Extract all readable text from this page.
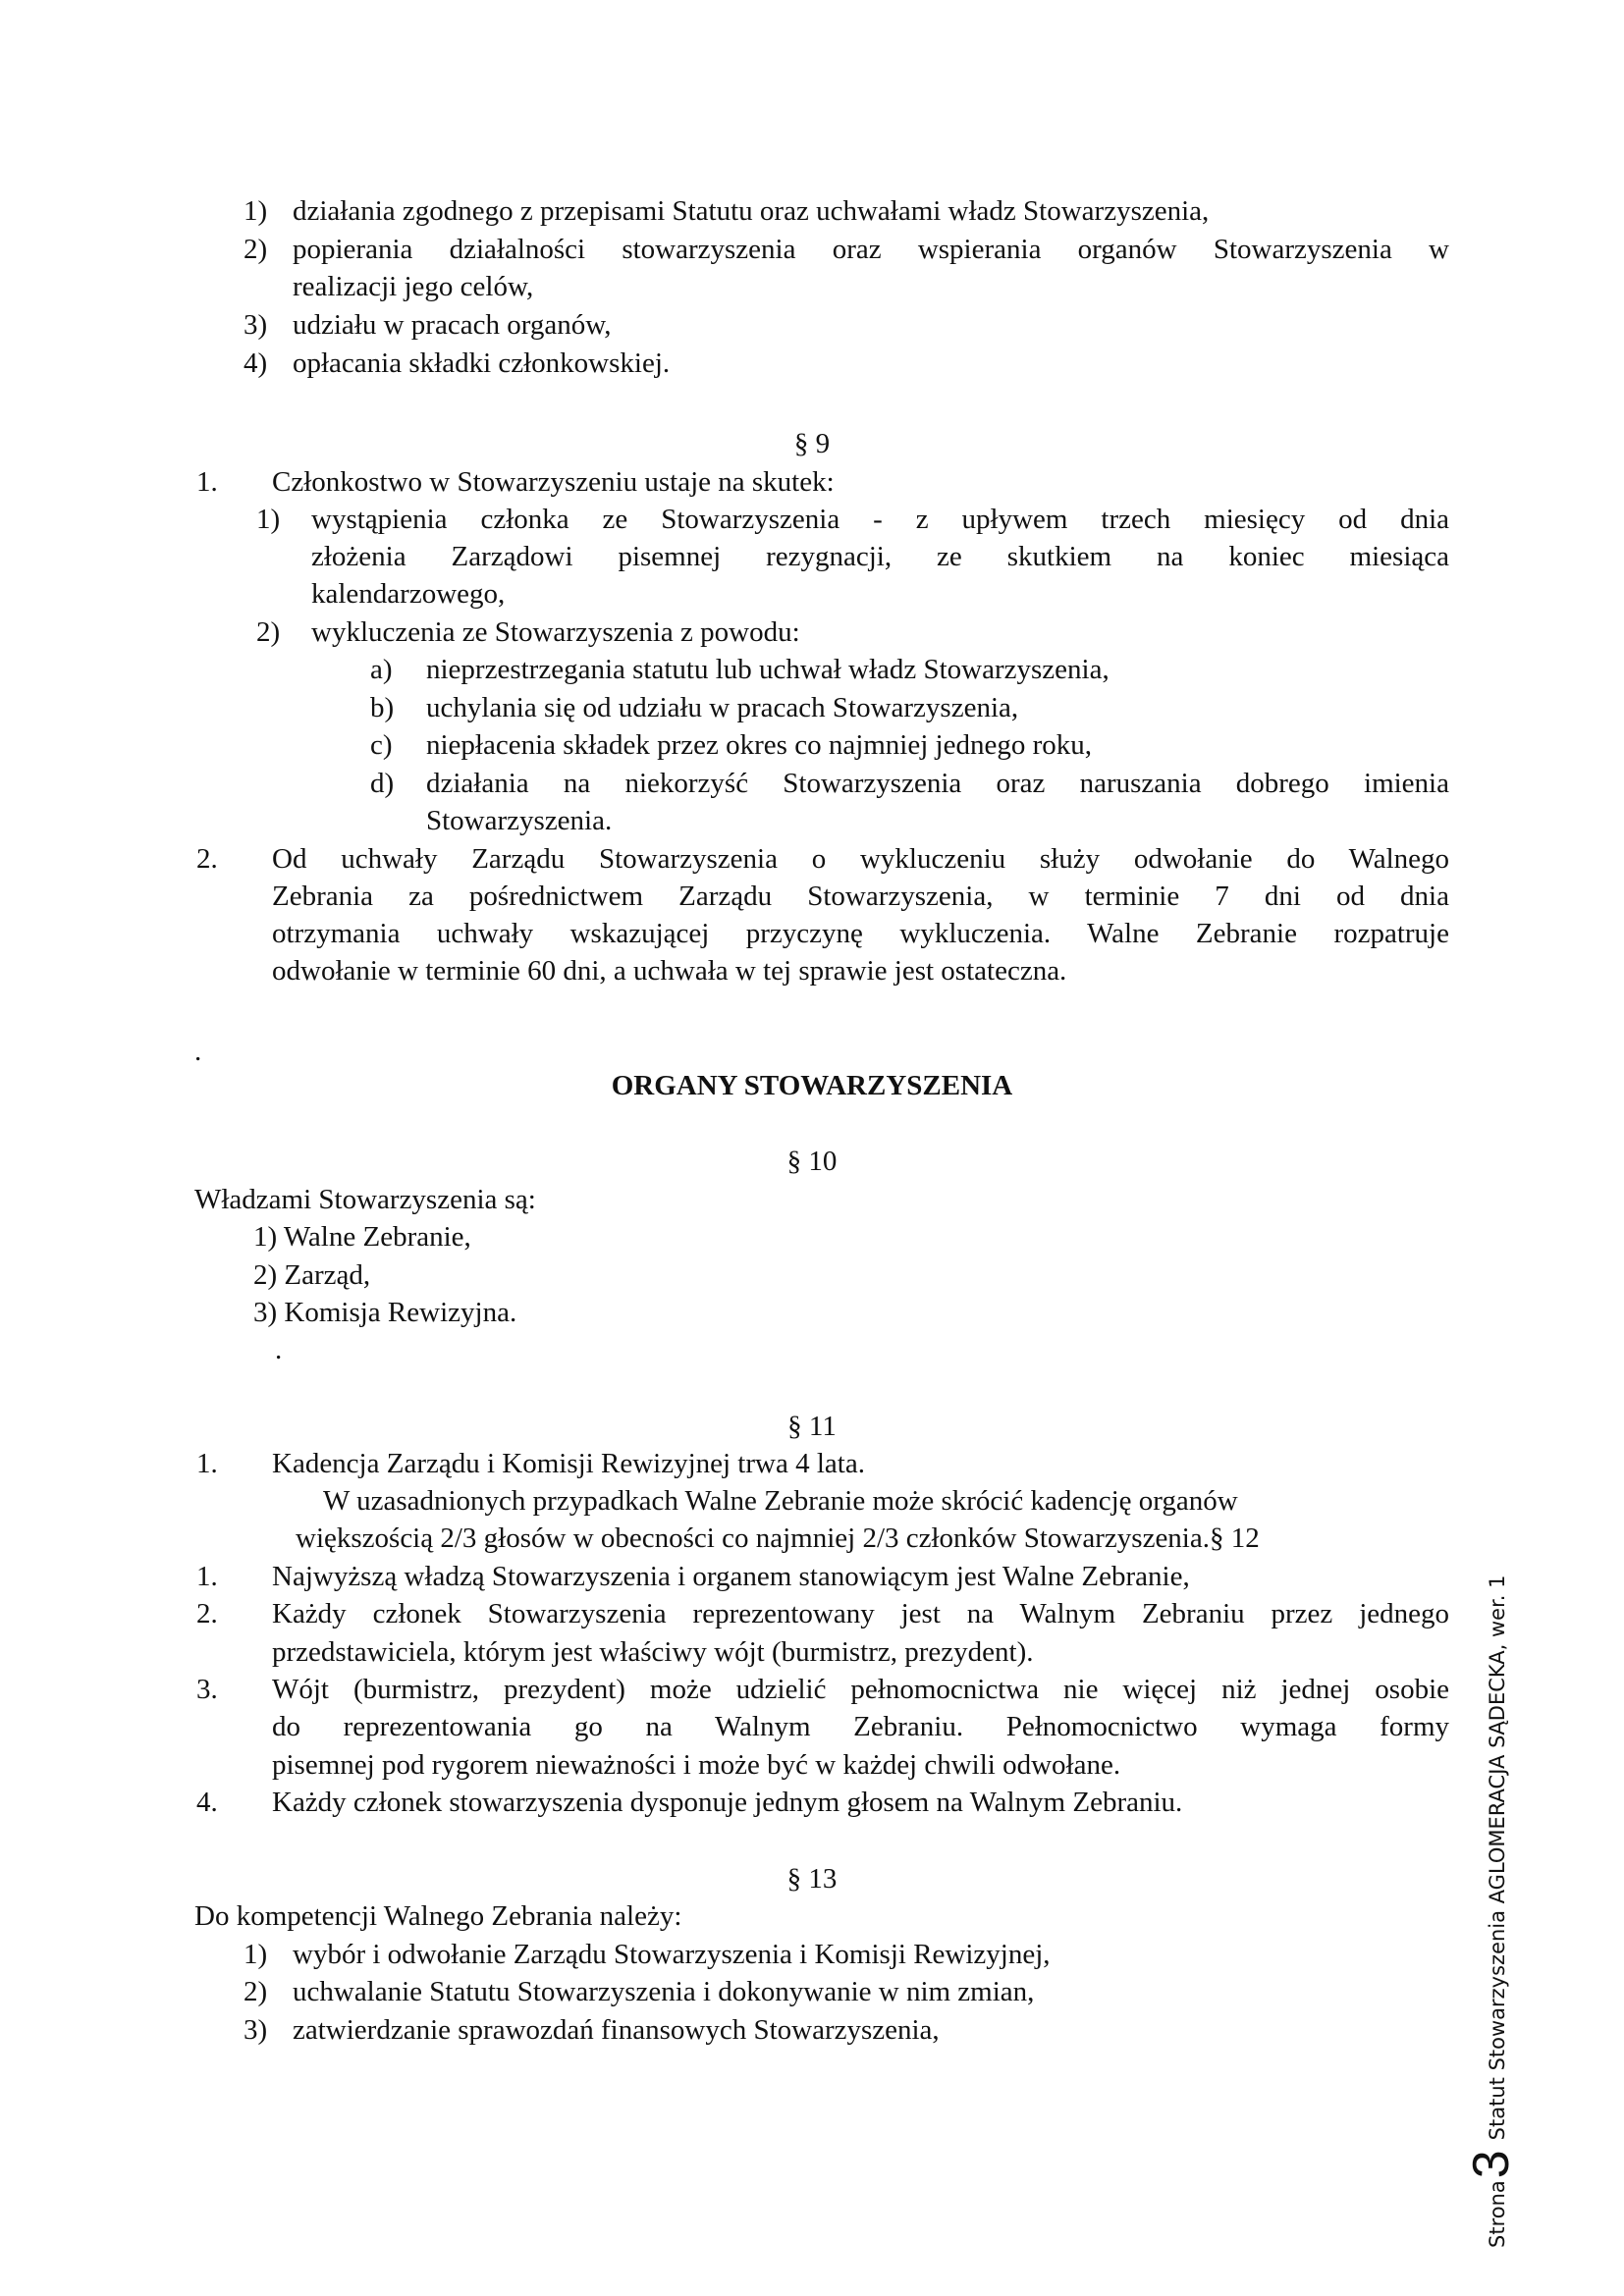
1) działania zgodnego z przepisami Statutu oraz uchwałami władz Stowarzyszenia,
2) popierania działalności stowarzyszenia oraz wspierania organów Stowarzyszenia w
realizacji jego celów,
3) udziału w pracach organów,
4) opłacania składki członkowskiej.
§ 9
1. Członkostwo w Stowarzyszeniu ustaje na skutek:
1) wystąpienia członka ze Stowarzyszenia - z upływem trzech miesięcy od dnia
złożenia Zarządowi pisemnej rezygnacji, ze skutkiem na koniec miesiąca
kalendarzowego,
2) wykluczenia ze Stowarzyszenia z powodu:
a) nieprzestrzegania statutu lub uchwał władz Stowarzyszenia,
b) uchylania się od udziału w pracach Stowarzyszenia,
c) niepłacenia składek przez okres co najmniej jednego roku,
d) działania na niekorzyść Stowarzyszenia oraz naruszania dobrego imienia
Stowarzyszenia.
2. Od uchwały Zarządu Stowarzyszenia o wykluczeniu służy odwołanie do Walnego
Zebrania za pośrednictwem Zarządu Stowarzyszenia, w terminie 7 dni od dnia
otrzymania uchwały wskazującej przyczynę wykluczenia. Walne Zebranie rozpatruje
odwołanie w terminie 60 dni, a uchwała w tej sprawie jest ostateczna.
.
ORGANY STOWARZYSZENIA
§ 10
Władzami Stowarzyszenia są:
1) Walne Zebranie,
2) Zarząd,
3) Komisja Rewizyjna.
.
§ 11
1. Kadencja Zarządu i Komisji Rewizyjnej trwa 4 lata.
W uzasadnionych przypadkach Walne Zebranie może skrócić kadencję organów
większością 2/3 głosów w obecności co najmniej 2/3 członków Stowarzyszenia.§ 12
1. Najwyższą władzą Stowarzyszenia i organem stanowiącym jest Walne Zebranie,
2. Każdy członek Stowarzyszenia reprezentowany jest na Walnym Zebraniu przez jednego
przedstawiciela, którym jest właściwy wójt (burmistrz, prezydent).
3. Wójt (burmistrz, prezydent) może udzielić pełnomocnictwa nie więcej niż jednej osobie
do reprezentowania go na Walnym Zebraniu. Pełnomocnictwo wymaga formy
pisemnej pod rygorem nieważności i może być w każdej chwili odwołane.
4. Każdy członek stowarzyszenia dysponuje jednym głosem na Walnym Zebraniu.
§ 13
Do kompetencji Walnego Zebrania należy:
1) wybór i odwołanie Zarządu Stowarzyszenia i Komisji Rewizyjnej,
2) uchwalanie Statutu Stowarzyszenia i dokonywanie w nim zmian,
3) zatwierdzanie sprawozdań finansowych Stowarzyszenia,
Strona
3
Statut Stowarzyszenia AGLOMERACJA SĄDECKA, wer. 1
